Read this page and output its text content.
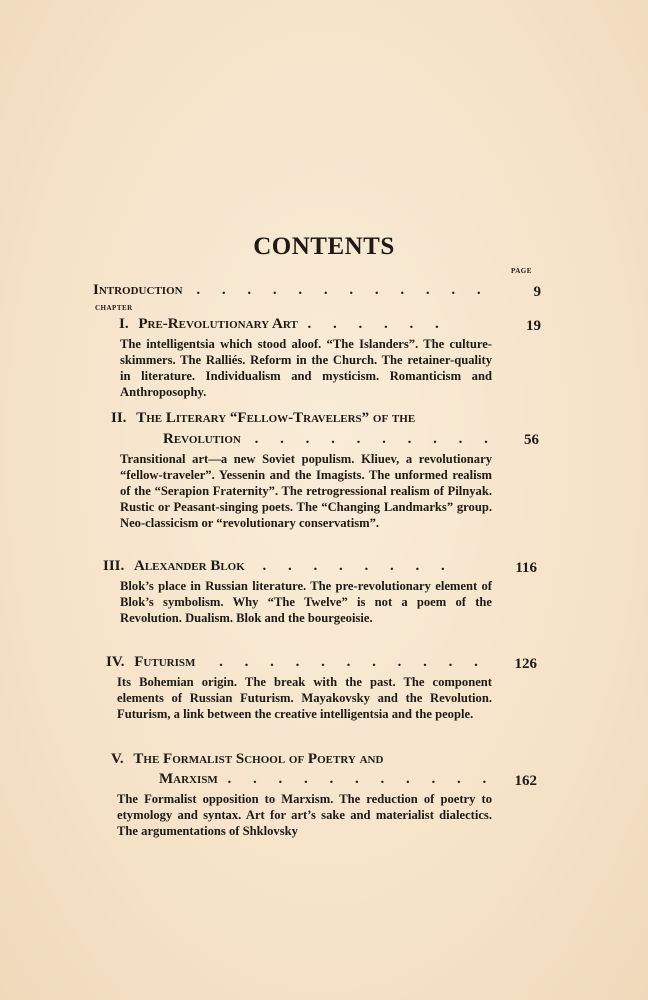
CONTENTS
PAGE
Introduction . . . . . . . . . . . .	9
CHAPTER
I. Pre-Revolutionary Art . . . . . .	19
The intelligentsia which stood aloof. “The Islanders”. The culture-skimmers. The Ralliés. Reform in the Church. The retainer-quality in literature. Individualism and mysticism. Romanticism and Anthroposophy.
II. The Literary “Fellow-Travelers” of the
Revolution . . . . . . . . . .	56
Transitional art—a new Soviet populism. Kliuev, a revolutionary “fellow-traveler”. Yessenin and the Imagists. The unformed realism of the “Serapion Fraternity”. The retrogressional realism of Pilnyak. Rustic or Peasant-singing poets. The “Changing Landmarks” group. Neo-classicism or “revolutionary conservatism”.
III. Alexander Blok . . . . . . . .	116
Blok’s place in Russian literature. The pre-revolutionary element of Blok’s symbolism. Why “The Twelve” is not a poem of the Revolution. Dualism. Blok and the bourgeoisie.
IV. Futurism . . . . . . . . . . .	126
Its Bohemian origin. The break with the past. The component elements of Russian Futurism. Mayakovsky and the Revolution. Futurism, a link between the creative intelligentsia and the people.
V. The Formalist School of Poetry and
Marxism . . . . . . . . . . .	162
The Formalist opposition to Marxism. The reduction of poetry to etymology and syntax. Art for art’s sake and materialist dialectics. The argumentations of Shklovsky
